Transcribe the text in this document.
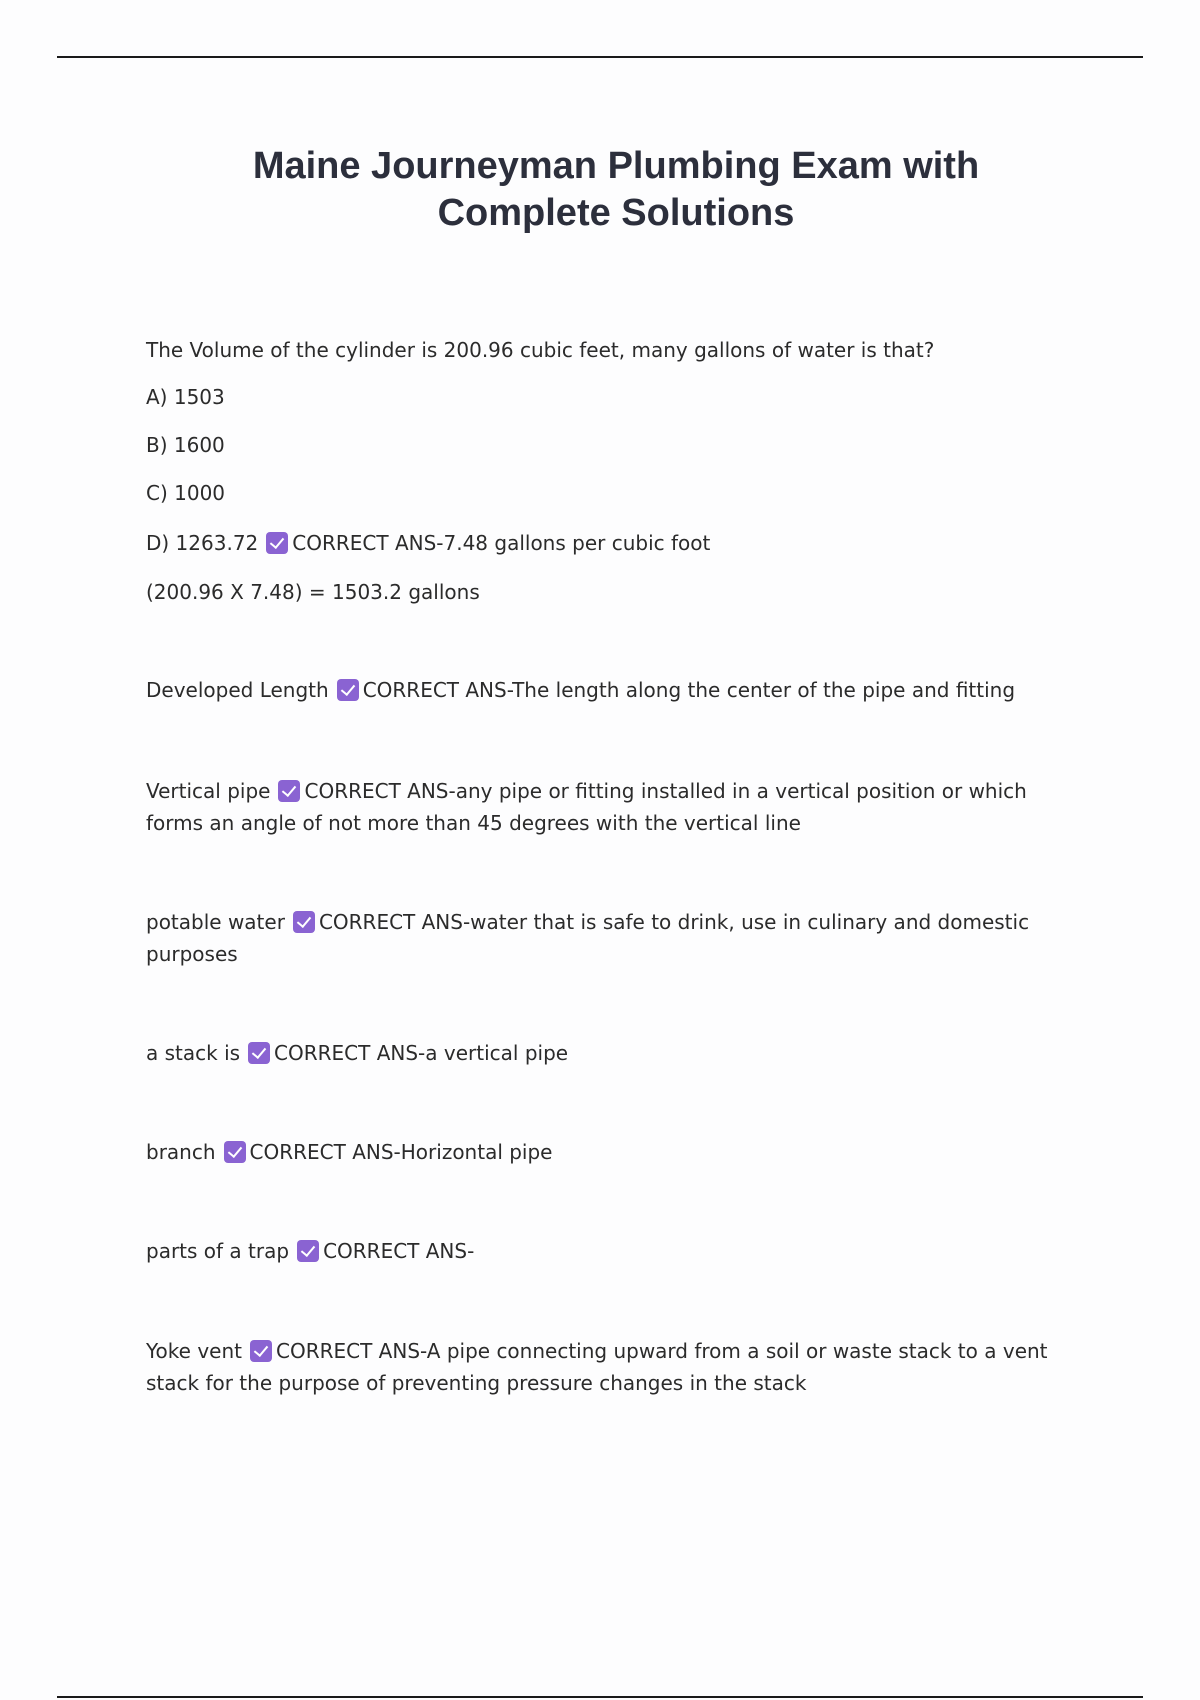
Maine Journeyman Plumbing Exam with
Complete Solutions
The Volume of the cylinder is 200.96 cubic feet, many gallons of water is that?
A) 1503
B) 1600
C) 1000
D) 1263.72 CORRECT ANS-7.48 gallons per cubic foot
(200.96 X 7.48) = 1503.2 gallons
Developed Length CORRECT ANS-The length along the center of the pipe and fitting
Vertical pipe CORRECT ANS-any pipe or fitting installed in a vertical position or which forms an angle of not more than 45 degrees with the vertical line
potable water CORRECT ANS-water that is safe to drink, use in culinary and domestic purposes
a stack is CORRECT ANS-a vertical pipe
branch CORRECT ANS-Horizontal pipe
parts of a trap CORRECT ANS-
Yoke vent CORRECT ANS-A pipe connecting upward from a soil or waste stack to a vent stack for the purpose of preventing pressure changes in the stack
